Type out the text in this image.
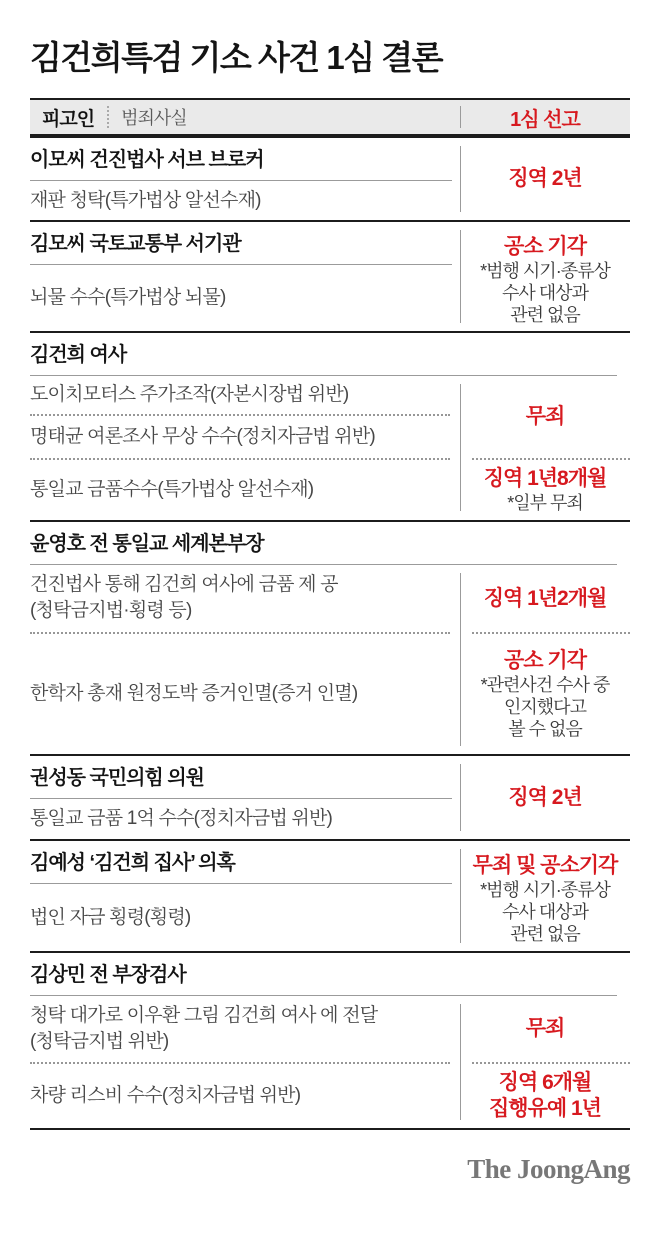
김건희특검 기소 사건 1심 결론
피고인 범죄사실	1심 선고
이모씨 건진법사 서브 브로커
재판 청탁(특가법상 알선수재)
징역 2년
김모씨 국토교통부 서기관
뇌물 수수(특가법상 뇌물)
공소 기각
*범행 시기·종류상
수사 대상과
관련 없음
김건희 여사
도이치모터스 주가조작(자본시장법 위반)
명태균 여론조사 무상 수수(정치자금법 위반)
통일교 금품수수(특가법상 알선수재)
무죄
징역 1년8개월
*일부 무죄
윤영호 전 통일교 세계본부장
건진법사 통해 김건희 여사에 금품 제 공
(청탁금지법·횡령 등)
한학자 총재 원정도박 증거인멸(증거 인멸)
징역 1년2개월
공소 기각
*관련사건 수사 중
인지했다고
볼 수 없음
권성동 국민의힘 의원
통일교 금품 1억 수수(정치자금법 위반)
징역 2년
김예성 ‘김건희 집사’ 의혹
법인 자금 횡령(횡령)
무죄 및 공소기각
*범행 시기·종류상
수사 대상과
관련 없음
김상민 전 부장검사
청탁 대가로 이우환 그림 김건희 여사 에 전달
(청탁금지법 위반)
차량 리스비 수수(정치자금법 위반)
무죄
징역 6개월
집행유예 1년
The JoongAng
